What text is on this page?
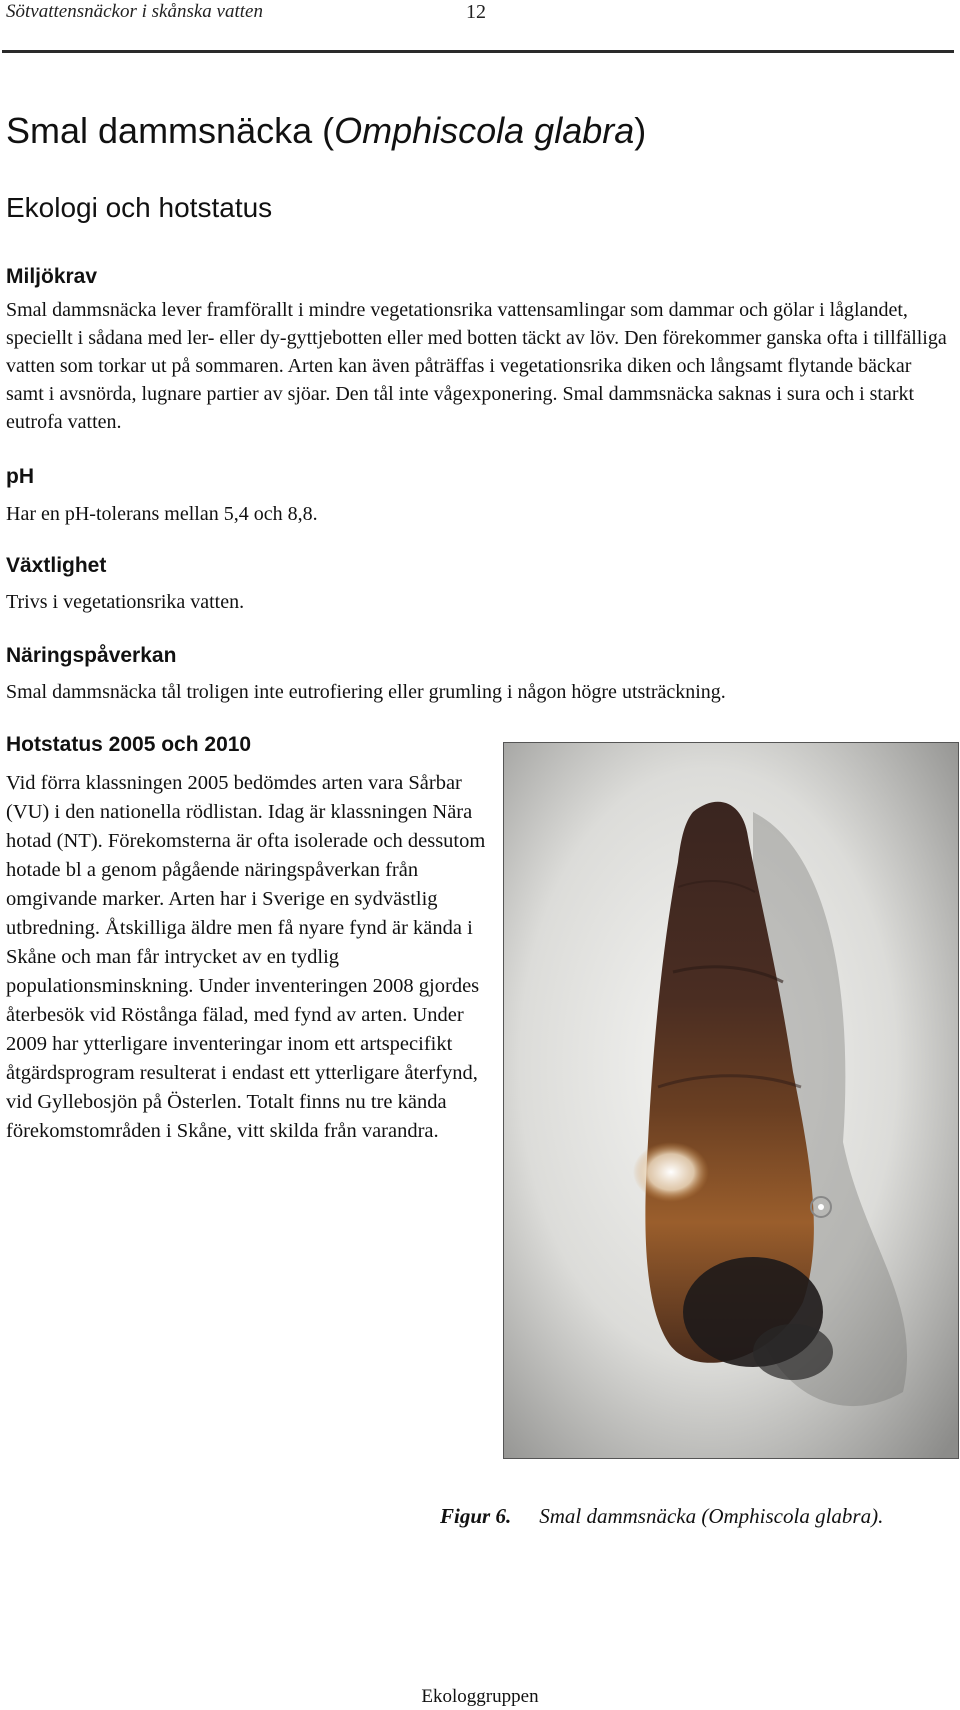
Sötvattensnäckor i skånska vatten	12
Smal dammsnäcka (Omphiscola glabra)
Ekologi och hotstatus
Miljökrav

Smal dammsnäcka lever framförallt i mindre vegetationsrika vattensamlingar som dammar och gölar i låglandet, speciellt i sådana med ler- eller dy-gyttjebotten eller med botten täckt av löv. Den förekommer ganska ofta i tillfälliga vatten som torkar ut på sommaren. Arten kan även påträffas i vegetationsrika diken och långsamt flytande bäckar samt i avsnörda, lugnare partier av sjöar. Den tål inte vågexponering. Smal dammsnäcka saknas i sura och i starkt eutrofa vatten.

pH

Har en pH-tolerans mellan 5,4 och 8,8.

Växtlighet

Trivs i vegetationsrika vatten.

Näringspåverkan

Smal dammsnäcka tål troligen inte eutrofiering eller grumling i någon högre utsträckning.

Hotstatus 2005 och 2010

Vid förra klassningen 2005 bedömdes arten vara Sårbar (VU) i den nationella rödlistan. Idag är klassningen Nära hotad (NT). Förekomsterna är ofta isolerade och dessutom hotade bl a genom pågående näringspåverkan från omgivande marker. Arten har i Sverige en sydvästlig utbredning. Åtskilliga äldre men få nyare fynd är kända i Skåne och man får intrycket av en tydlig populationsminskning. Under inventeringen 2008 gjordes återbesök vid Röstånga fälad, med fynd av arten. Under 2009 har ytterligare inventeringar inom ett artspecifikt åtgärdsprogram resulterat i endast ett ytterligare återfynd, vid Gyllebosjön på Österlen. Totalt finns nu tre kända förekomstområden i Skåne, vitt skilda från varandra.

Figur 6. Smal dammsnäcka (Omphiscola glabra).
Ekologgruppen
